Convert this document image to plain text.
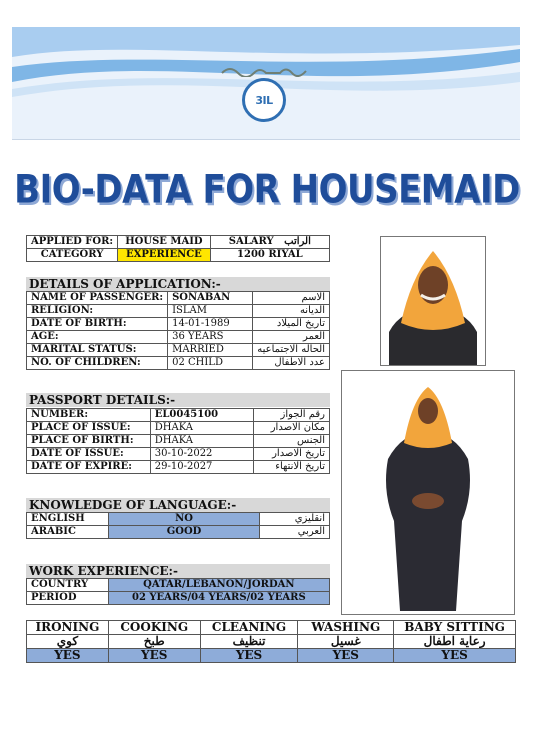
3IL
BIO-DATA FOR HOUSEMAID
APPLIED FOR:	HOUSE MAID	SALARY الراتب
CATEGORY	EXPERIENCE	1200 RIYAL
DETAILS OF APPLICATION:-
NAME OF PASSENGER:	SONABAN	الاسم
RELIGION:	ISLAM	الديانه
DATE OF BIRTH:	14-01-1989	تاريخ الميلاد
AGE:	36 YEARS	العمر
MARITAL STATUS:	MARRIED	الحاله الاجتماعيه
NO. OF CHILDREN:	02 CHILD	عدد الاطفال
PASSPORT DETAILS:-
NUMBER:	EL0045100	رقم الجواز
PLACE OF ISSUE:	DHAKA	مكان الاصدار
PLACE OF BIRTH:	DHAKA	الجنس
DATE OF ISSUE:	30-10-2022	تاريخ الاصدار
DATE OF EXPIRE:	29-10-2027	تاريخ الانتهاء
KNOWLEDGE OF LANGUAGE:-
ENGLISH	NO	انقليزي
ARABIC	GOOD	العربي
WORK EXPERIENCE:-
COUNTRY	QATAR/LEBANON/JORDAN
PERIOD	02 YEARS/04 YEARS/02 YEARS
IRONING	COOKING	CLEANING	WASHING	BABY SITTING
كوي	طبخ	تنظيف	غسيل	رعاية اطفال
YES	YES	YES	YES	YES
